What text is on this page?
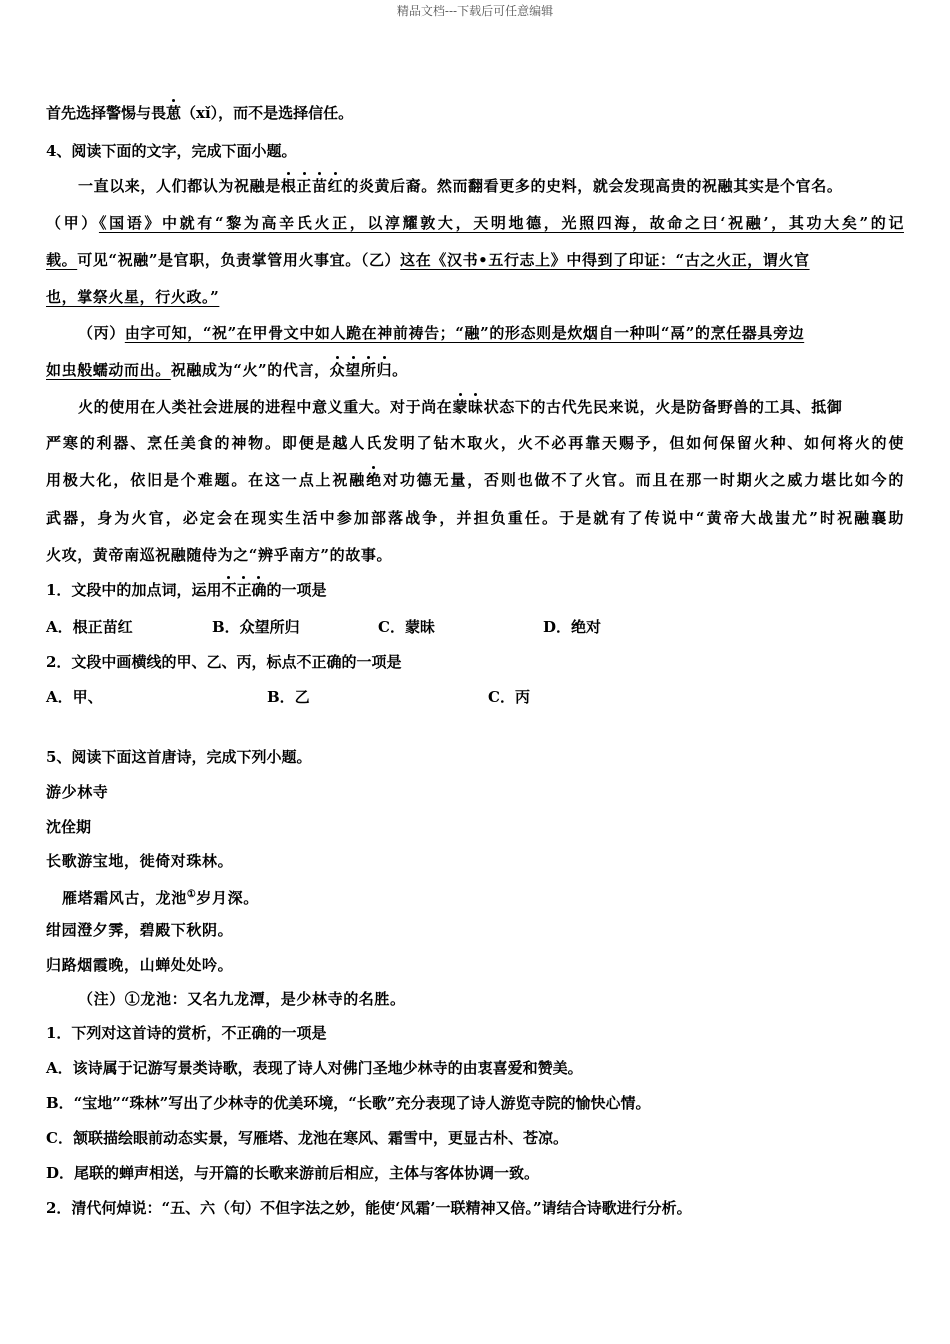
精品文档---下载后可任意编辑
首先选择警惕与畏葸（xǐ），而不是选择信任。
4、阅读下面的文字，完成下面小题。
一直以来，人们都认为祝融是根正苗红的炎黄后裔。然而翻看更多的史料，就会发现高贵的祝融其实是个官名。
（甲）《国语》中就有“黎为高辛氏火正，以淳耀敦大，天明地德，光照四海，故命之曰‘祝融’，其功大矣”的记
载。可见“祝融”是官职，负责掌管用火事宜。（乙）这在《汉书•五行志上》中得到了印证：“古之火正，谓火官
也，掌祭火星，行火政。”
（丙）由字可知，“祝”在甲骨文中如人跪在神前祷告；“融”的形态则是炊烟自一种叫“鬲”的烹任器具旁边
如虫般蠕动而出。祝融成为“火”的代言，众望所归。
火的使用在人类社会进展的进程中意义重大。对于尚在蒙昧状态下的古代先民来说，火是防备野兽的工具、抵御
严寒的利器、烹任美食的神物。即便是越人氏发明了钻木取火，火不必再靠天赐予，但如何保留火种、如何将火的使
用极大化，依旧是个难题。在这一点上祝融绝对功德无量，否则也做不了火官。而且在那一时期火之威力堪比如今的
武器，身为火官，必定会在现实生活中参加部落战争，并担负重任。于是就有了传说中“黄帝大战蚩尤”时祝融襄助
火攻，黄帝南巡祝融随侍为之“辨乎南方”的故事。
1．文段中的加点词，运用不正确的一项是
A．根正苗红	B．众望所归	C．蒙昧	D．绝对
2．文段中画横线的甲、乙、丙，标点不正确的一项是
A．甲、	B．乙	C．丙
5、阅读下面这首唐诗，完成下列小题。
游少林寺
沈佺期
长歌游宝地，徙倚对珠林。
雁塔霜风古，龙池①岁月深。
绀园澄夕霁，碧殿下秋阴。
归路烟霞晚，山蝉处处吟。
（注）①龙池：又名九龙潭，是少林寺的名胜。
1．下列对这首诗的赏析，不正确的一项是
A．该诗属于记游写景类诗歌，表现了诗人对佛门圣地少林寺的由衷喜爱和赞美。
B．“宝地”“珠林”写出了少林寺的优美环境，“长歌”充分表现了诗人游览寺院的愉快心情。
C．颔联描绘眼前动态实景，写雁塔、龙池在寒风、霜雪中，更显古朴、苍凉。
D．尾联的蝉声相送，与开篇的长歌来游前后相应，主体与客体协调一致。
2．清代何焯说：“五、六（句）不但字法之妙，能使‘风霜’一联精神又倍。”请结合诗歌进行分析。
